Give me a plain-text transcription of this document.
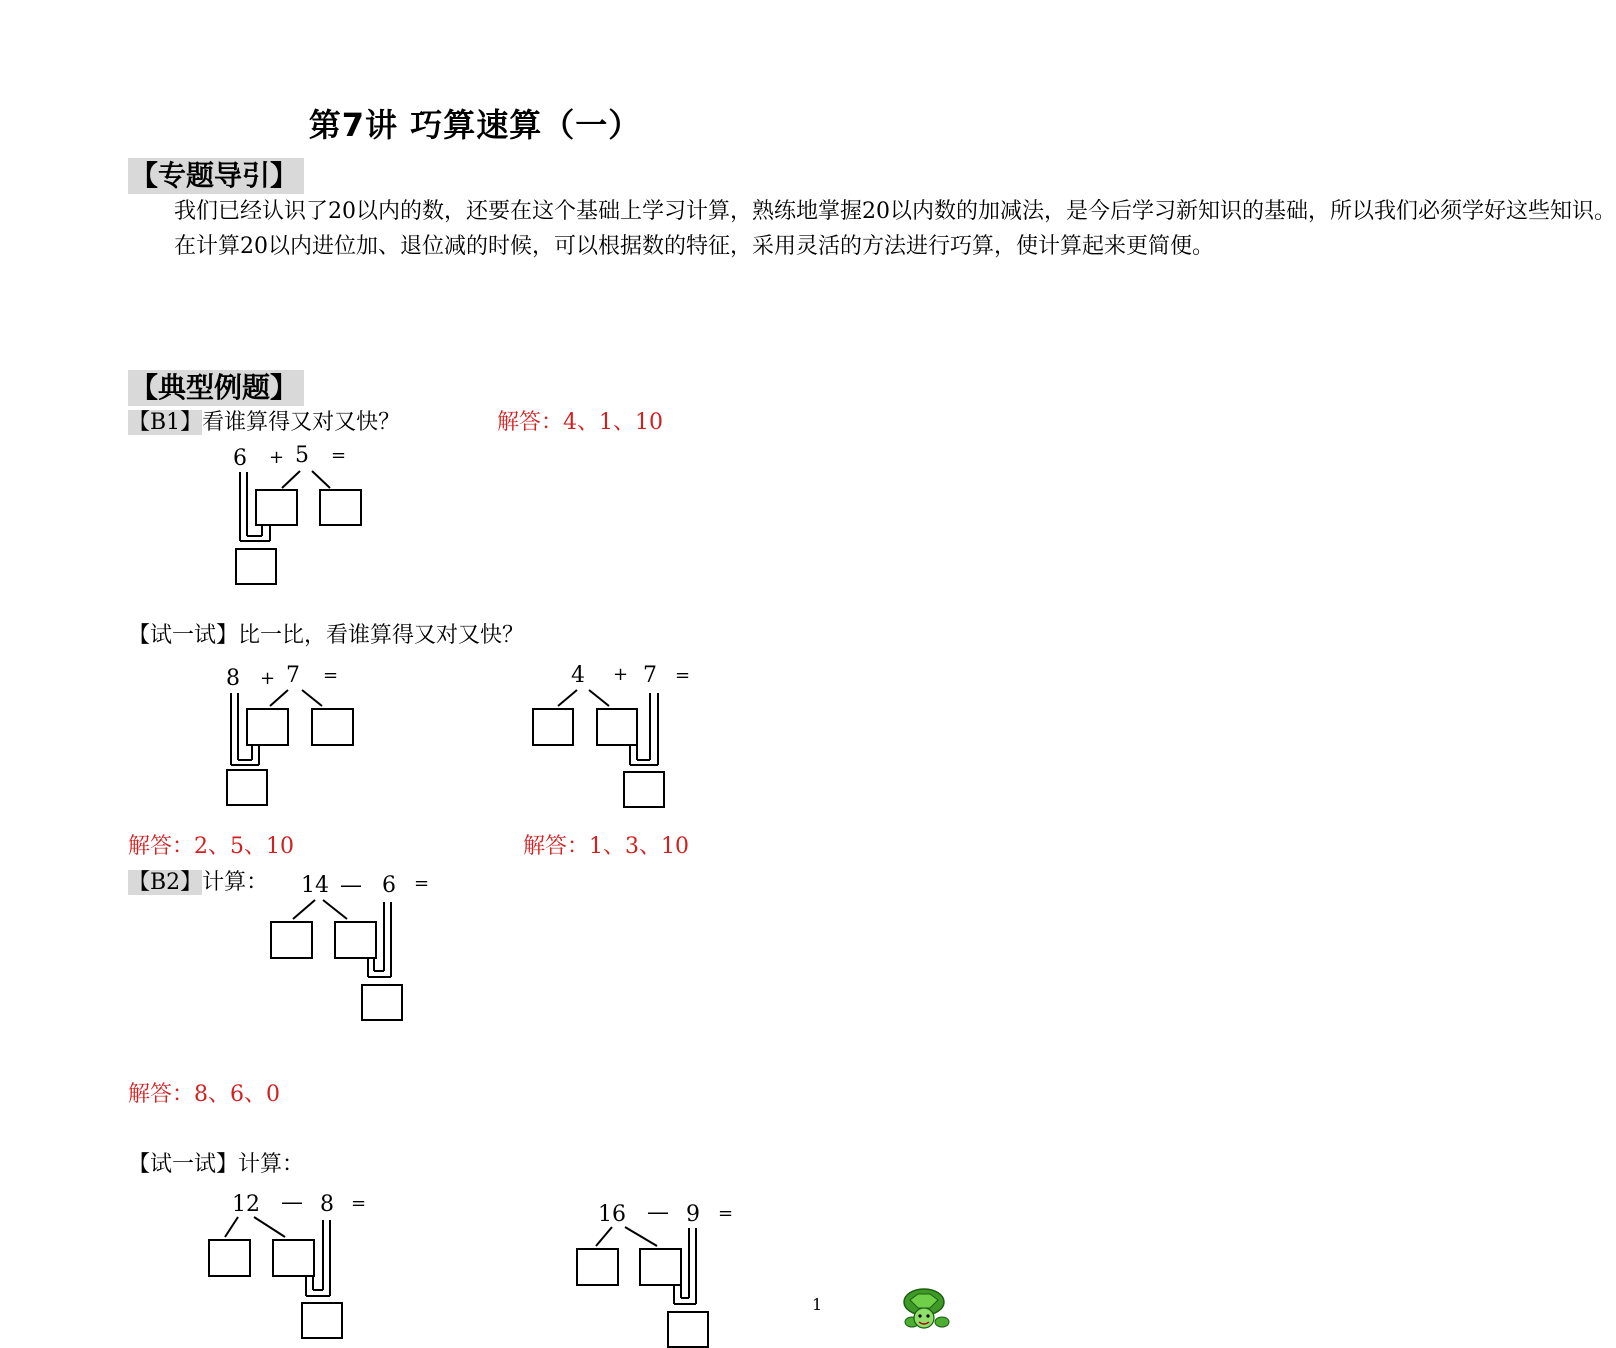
第7讲 巧算速算（一）
【专题导引】

我们已经认识了20以内的数，还要在这个基础上学习计算，熟练地掌握20以内数的加减法，是今后学习新知识的基础，所以我们必须学好这些知识。

在计算20以内进位加、退位减的时候，可以根据数的特征，采用灵活的方法进行巧算，使计算起来更简便。

【典型例题】
【B1】看谁算得又对又快？	解答：4、1、10
6 + 5 =
【试一试】比一比，看谁算得又对又快？
8 + 7 =	4 + 7 =
解答：2、5、10	解答：1、3、10
【B2】计算： 14 — 6 =
解答：8、6、0
【试一试】计算：
12 — 8 =	16 — 9 =
1
